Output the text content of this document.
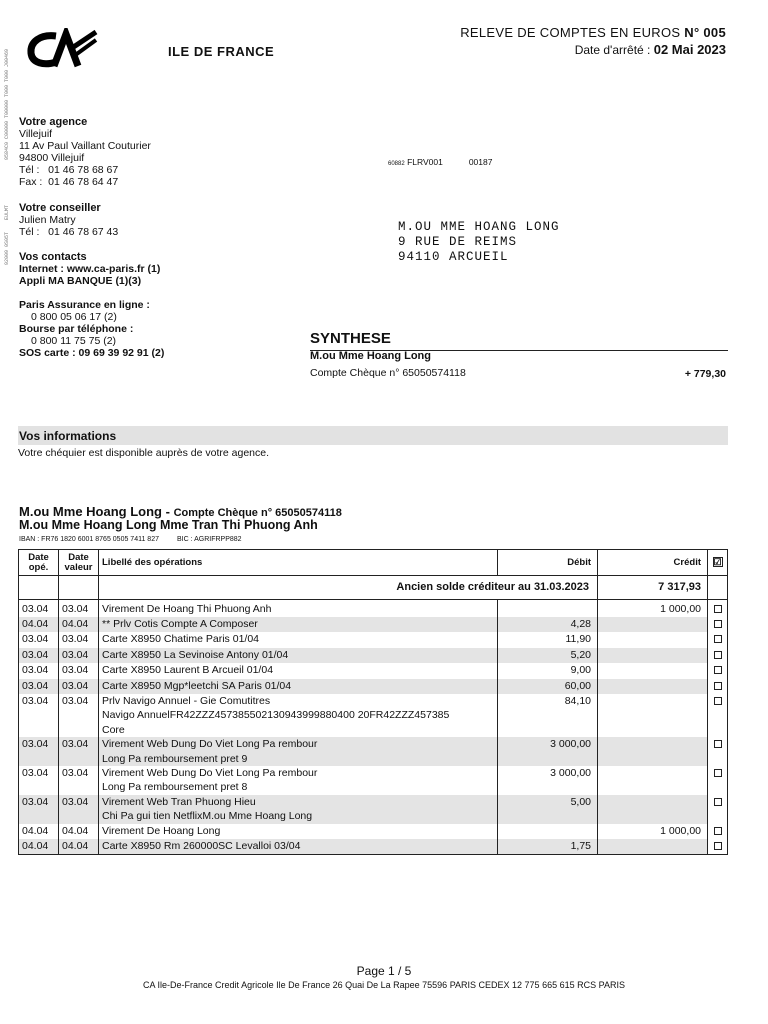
ILE DE FRANCE
RELEVE DE COMPTES EN EUROS N° 005
Date d'arrêté : 02 Mai 2023
9584C0 C00000 T00000 T000 T000 J00469
EULMT
92009 0S05T
Votre agence
Villejuif
11 Av Paul Vaillant Couturier
94800 Villejuif
Tél :   01 46 78 68 67
Fax :  01 46 78 64 47
Votre conseiller
Julien Matry
Tél :   01 46 78 67 43
Vos contacts
Internet : www.ca-paris.fr (1)
Appli MA BANQUE (1)(3)
Paris Assurance en ligne :
0 800 05 06 17 (2)
Bourse par téléphone :
0 800 11 75 75 (2)
SOS carte : 09 69 39 92 91 (2)
60882 FLRV001	00187
M.OU MME HOANG LONG
9 RUE DE REIMS
94110 ARCUEIL
SYNTHESE
M.ou Mme Hoang Long
Compte Chèque n° 65050574118	+ 779,30
Vos informations
Votre chéquier est disponible auprès de votre agence.
M.ou Mme Hoang Long - Compte Chèque n° 65050574118
M.ou Mme Hoang Long Mme Tran Thi Phuong Anh
IBAN : FR76 1820 6001 8765 0505 7411 827	BIC : AGRIFRPP882
Date
opé.	Date
valeur	Libellé des opérations	Débit	Crédit	☑
		Ancien solde créditeur au 31.03.2023		7 317,93	

03.04	03.04	Virement De Hoang Thi Phuong Anh		1 000,00	
04.04	04.04	** Prlv Cotis Compte A Composer	4,28		
03.04	03.04	Carte X8950 Chatime Paris 01/04	11,90		
03.04	03.04	Carte X8950 La Sevinoise Antony 01/04	5,20		
03.04	03.04	Carte X8950 Laurent B Arcueil 01/04	9,00		
03.04	03.04	Carte X8950 Mgp*leetchi SA Paris 01/04	60,00		
03.04	03.04	Prlv Navigo Annuel - Gie Comutitres
Navigo AnnuelFR42ZZZ457385502130943999880400 20FR42ZZZ457385
Core	84,10		
03.04	03.04	Virement Web Dung Do Viet Long Pa rembour
Long Pa remboursement pret 9	3 000,00		
03.04	03.04	Virement Web Dung Do Viet Long Pa rembour
Long Pa remboursement pret 8	3 000,00		
03.04	03.04	Virement Web Tran Phuong Hieu
Chi Pa gui tien NetflixM.ou Mme Hoang Long	5,00		
04.04	04.04	Virement De Hoang Long		1 000,00	
04.04	04.04	Carte X8950 Rm 260000SC Levalloi 03/04	1,75		
Page 1 / 5
CA Ile-De-France Credit Agricole Ile De France 26 Quai De La Rapee 75596 PARIS CEDEX 12 775 665 615 RCS PARIS
